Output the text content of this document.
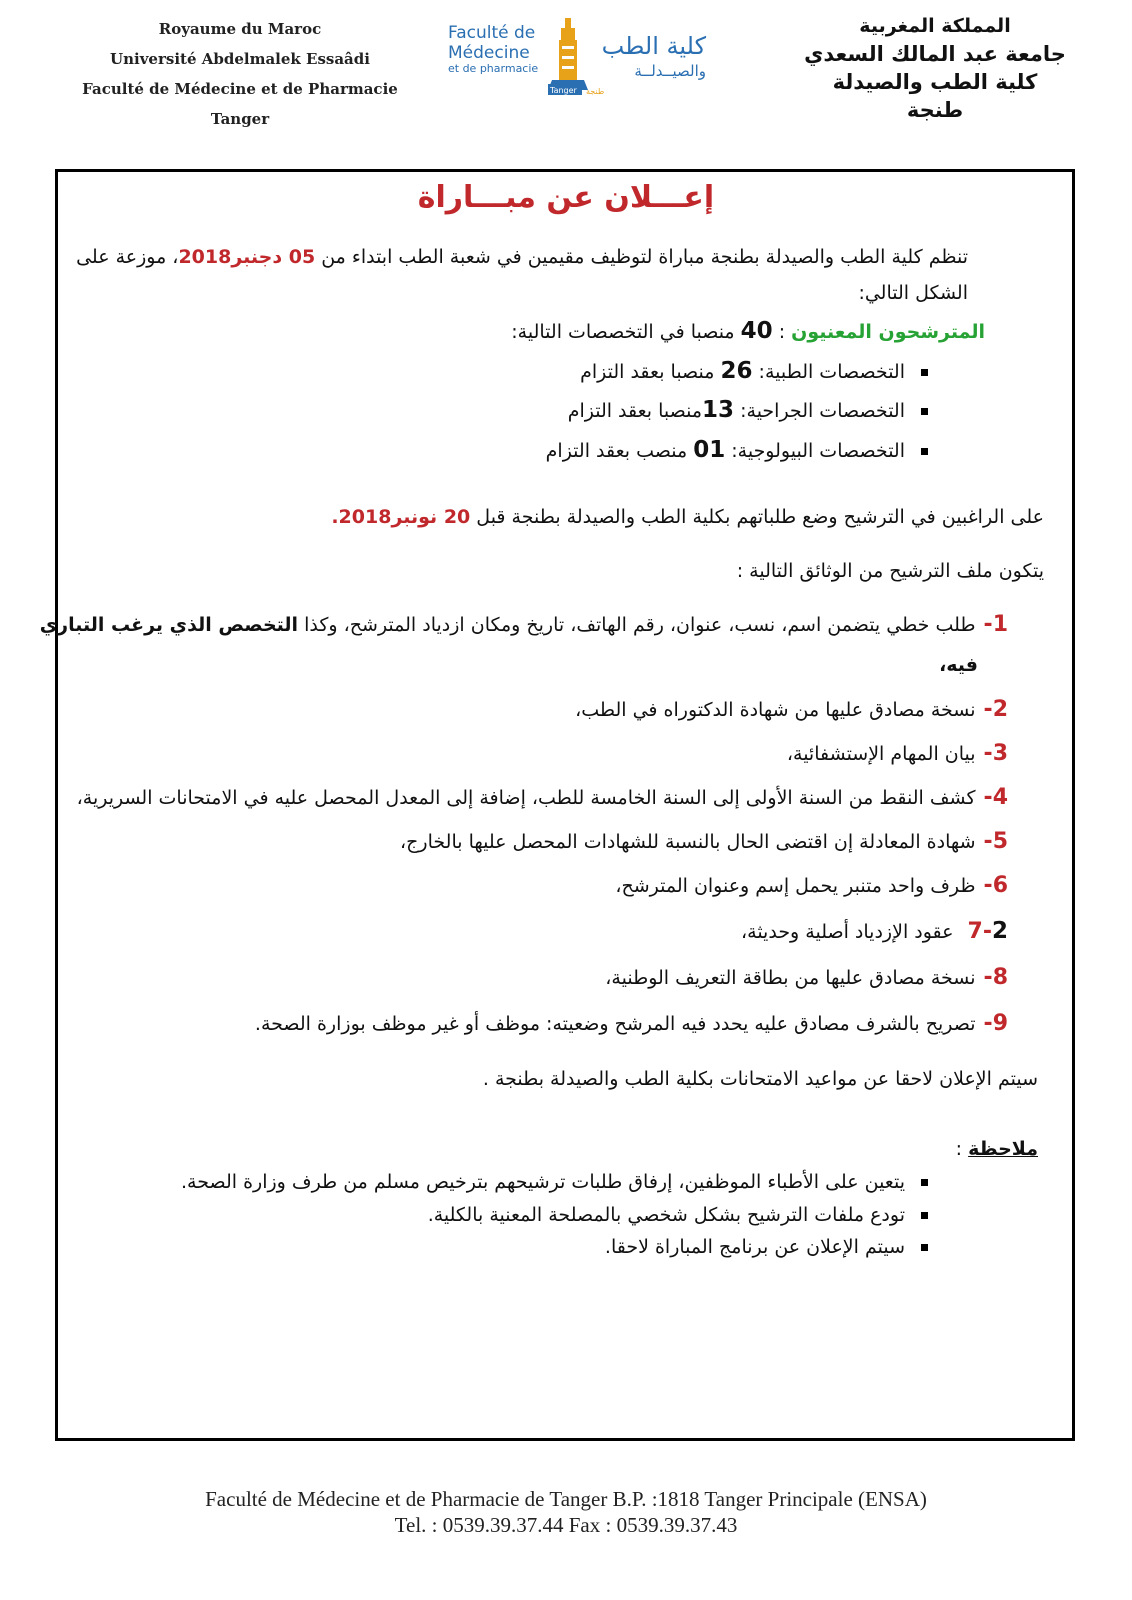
Royaume du Maroc
Université Abdelmalek Essaâdi
Faculté de Médecine et de Pharmacie
Tanger
Faculté de
Médecine
et de pharmacie
Tanger طنجة
كلية الطب
والصيــدلــة
المملكة المغربية
جامعة عبد المالك السعدي
كلية الطب والصيدلة
طنجة
إعـــلان عن مبـــاراة
تنظم كلية الطب والصيدلة بطنجة مباراة لتوظيف مقيمين في شعبة الطب ابتداء من 05 دجنبر2018، موزعة على
الشكل التالي:
المترشحون المعنيون : 40 منصبا في التخصصات التالية:
التخصصات الطبية: 26 منصبا بعقد التزام
التخصصات الجراحية: 13منصبا بعقد التزام
التخصصات البيولوجية: 01 منصب بعقد التزام
على الراغبين في الترشيح وضع طلباتهم بكلية الطب والصيدلة بطنجة قبل 20 نونبر2018.
يتكون ملف الترشيح من الوثائق التالية :
1-طلب خطي يتضمن اسم، نسب، عنوان، رقم الهاتف، تاريخ ومكان ازدياد المترشح، وكذا التخصص الذي يرغب التباري
فيه،
2-نسخة مصادق عليها من شهادة الدكتوراه في الطب،
3-بيان المهام الإستشفائية،
4-كشف النقط من السنة الأولى إلى السنة الخامسة للطب، إضافة إلى المعدل المحصل عليه في الامتحانات السريرية،
5-شهادة المعادلة إن اقتضى الحال بالنسبة للشهادات المحصل عليها بالخارج،
6-ظرف واحد متنبر يحمل إسم وعنوان المترشح،
7-2 عقود الإزدياد أصلية وحديثة،
8-نسخة مصادق عليها من بطاقة التعريف الوطنية،
9-تصريح بالشرف مصادق عليه يحدد فيه المرشح وضعيته: موظف أو غير موظف بوزارة الصحة.
سيتم الإعلان لاحقا عن مواعيد الامتحانات بكلية الطب والصيدلة بطنجة .
ملاحظة :
يتعين على الأطباء الموظفين، إرفاق طلبات ترشيحهم بترخيص مسلم من طرف وزارة الصحة.
تودع ملفات الترشيح بشكل شخصي بالمصلحة المعنية بالكلية.
سيتم الإعلان عن برنامج المباراة لاحقا.
Faculté de Médecine et de Pharmacie de Tanger B.P. :1818 Tanger Principale (ENSA)
Tel. : 0539.39.37.44 Fax : 0539.39.37.43
